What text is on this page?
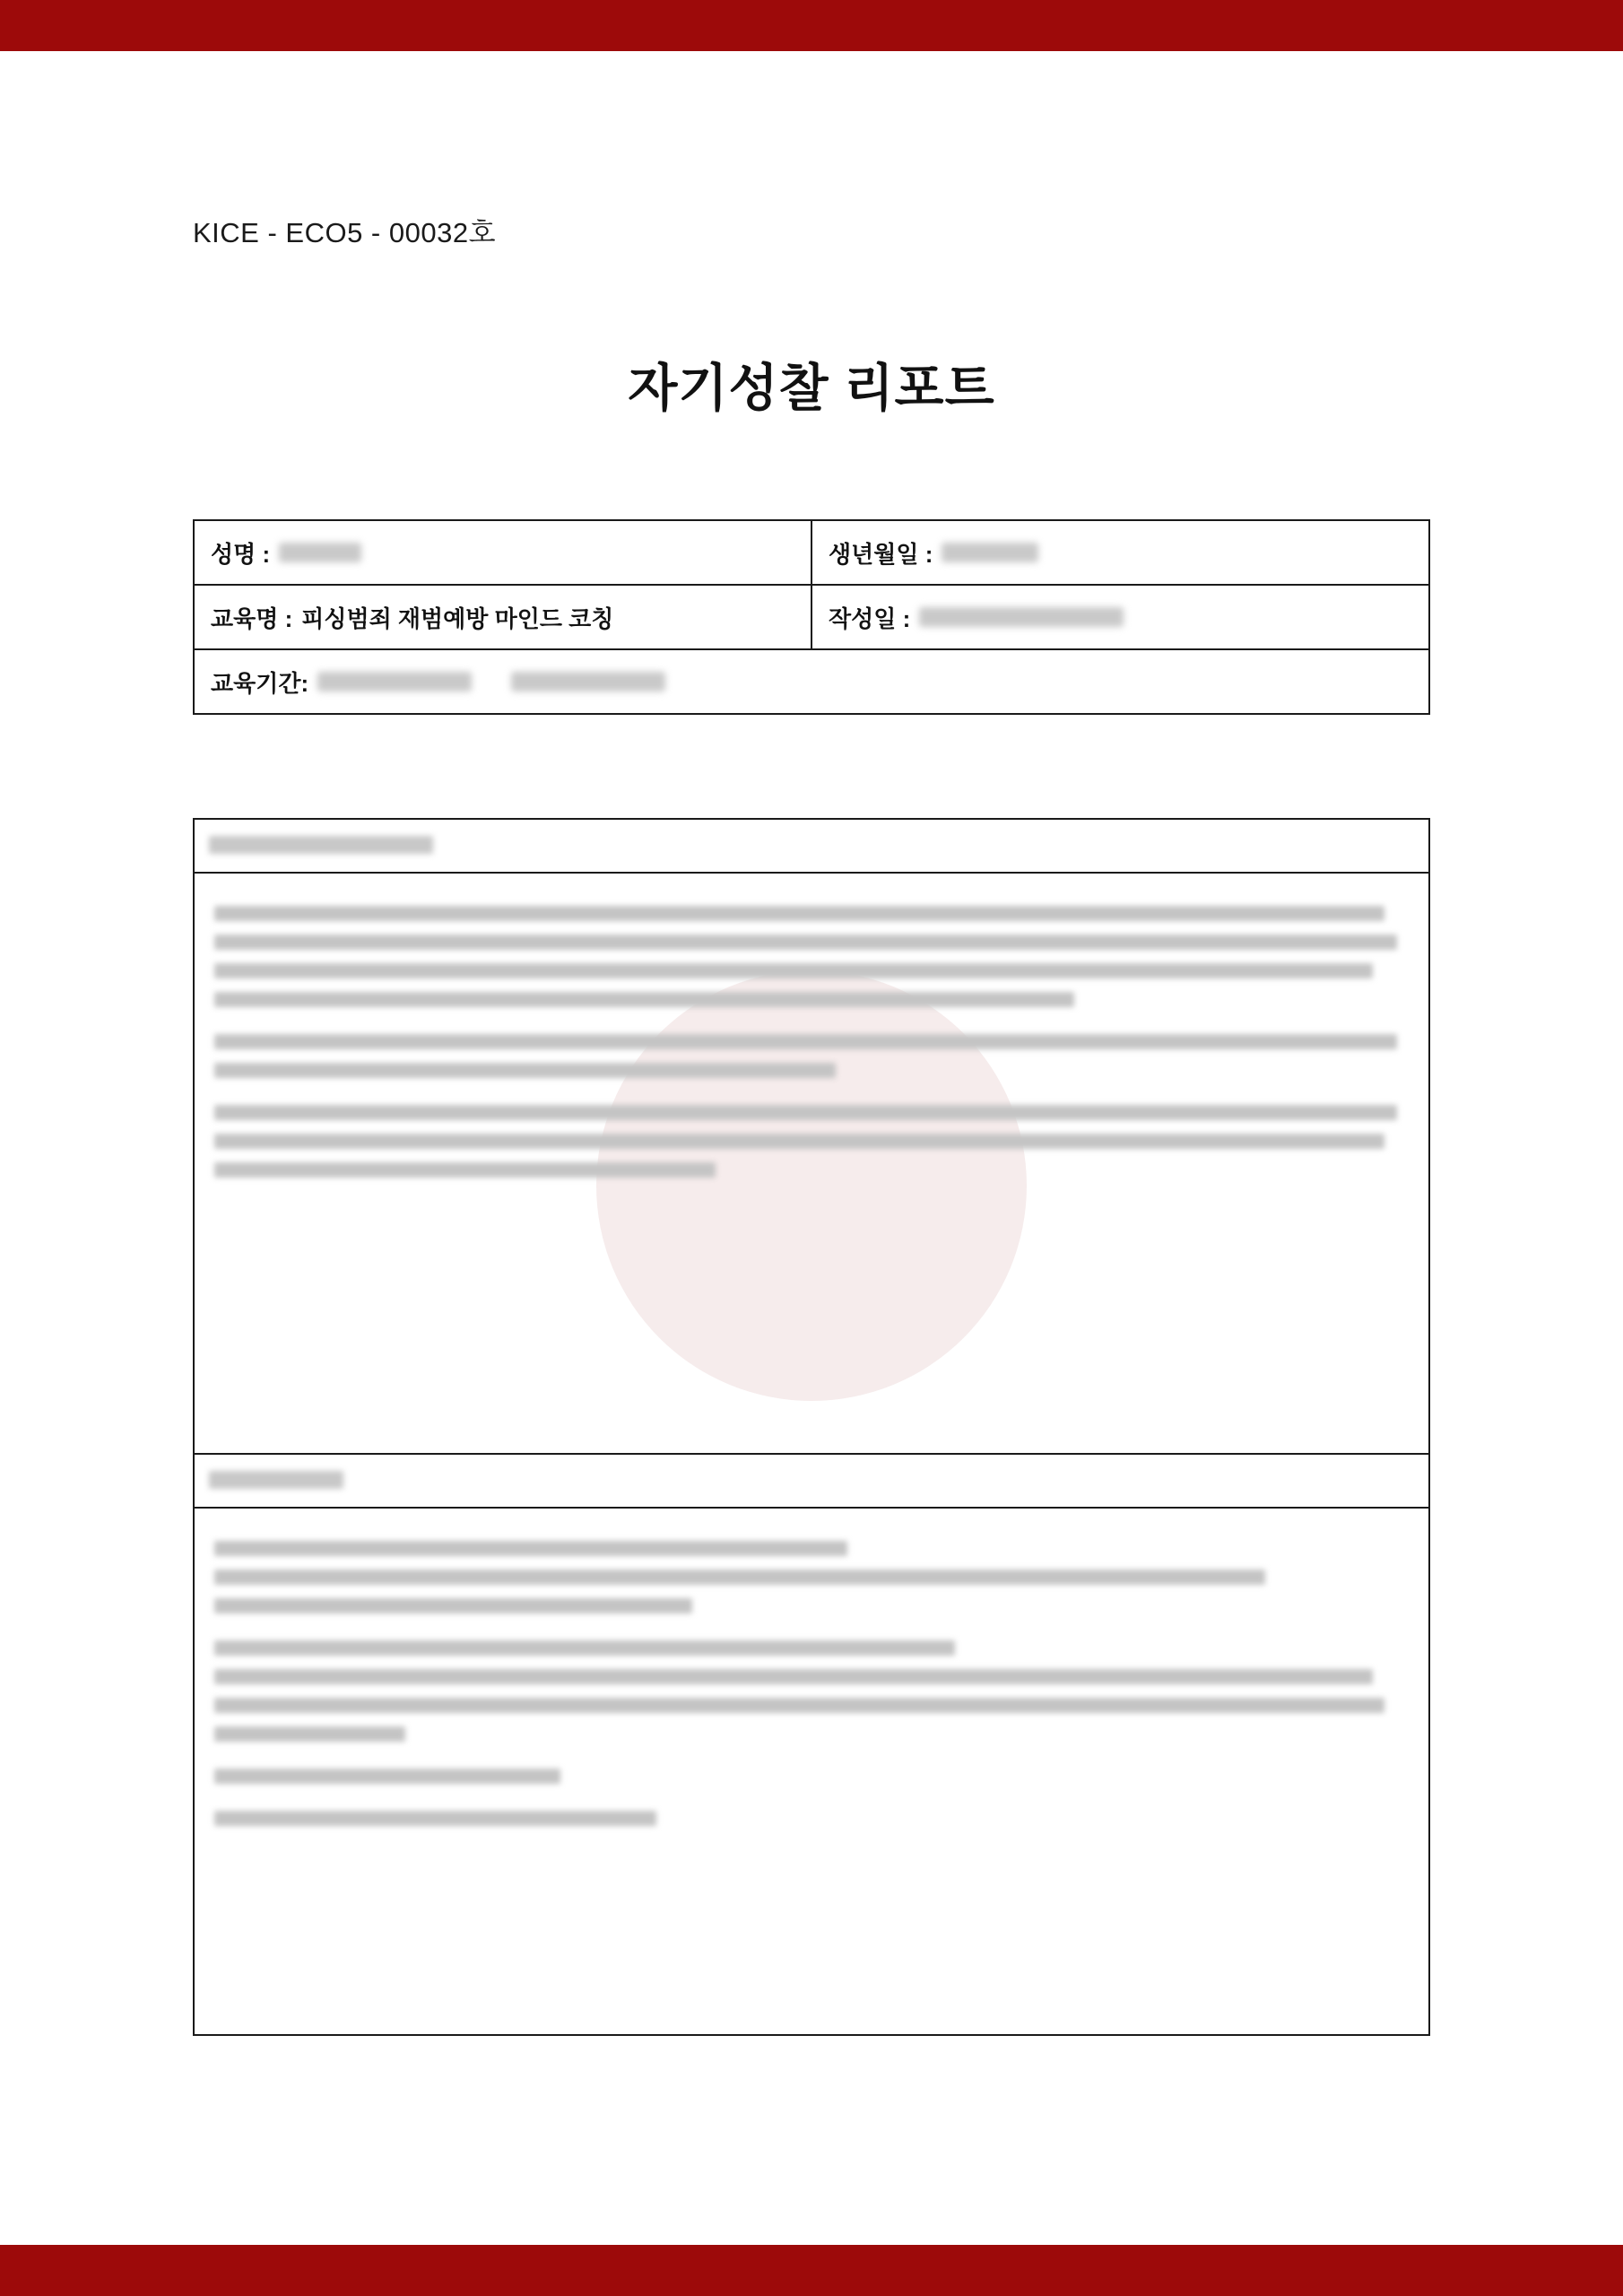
KICE - ECO5 - 00032호
자기성찰 리포트
성명 :	생년월일 :

교육명 : 피싱범죄 재범예방 마인드 코칭	작성일 :

교육기간:	
